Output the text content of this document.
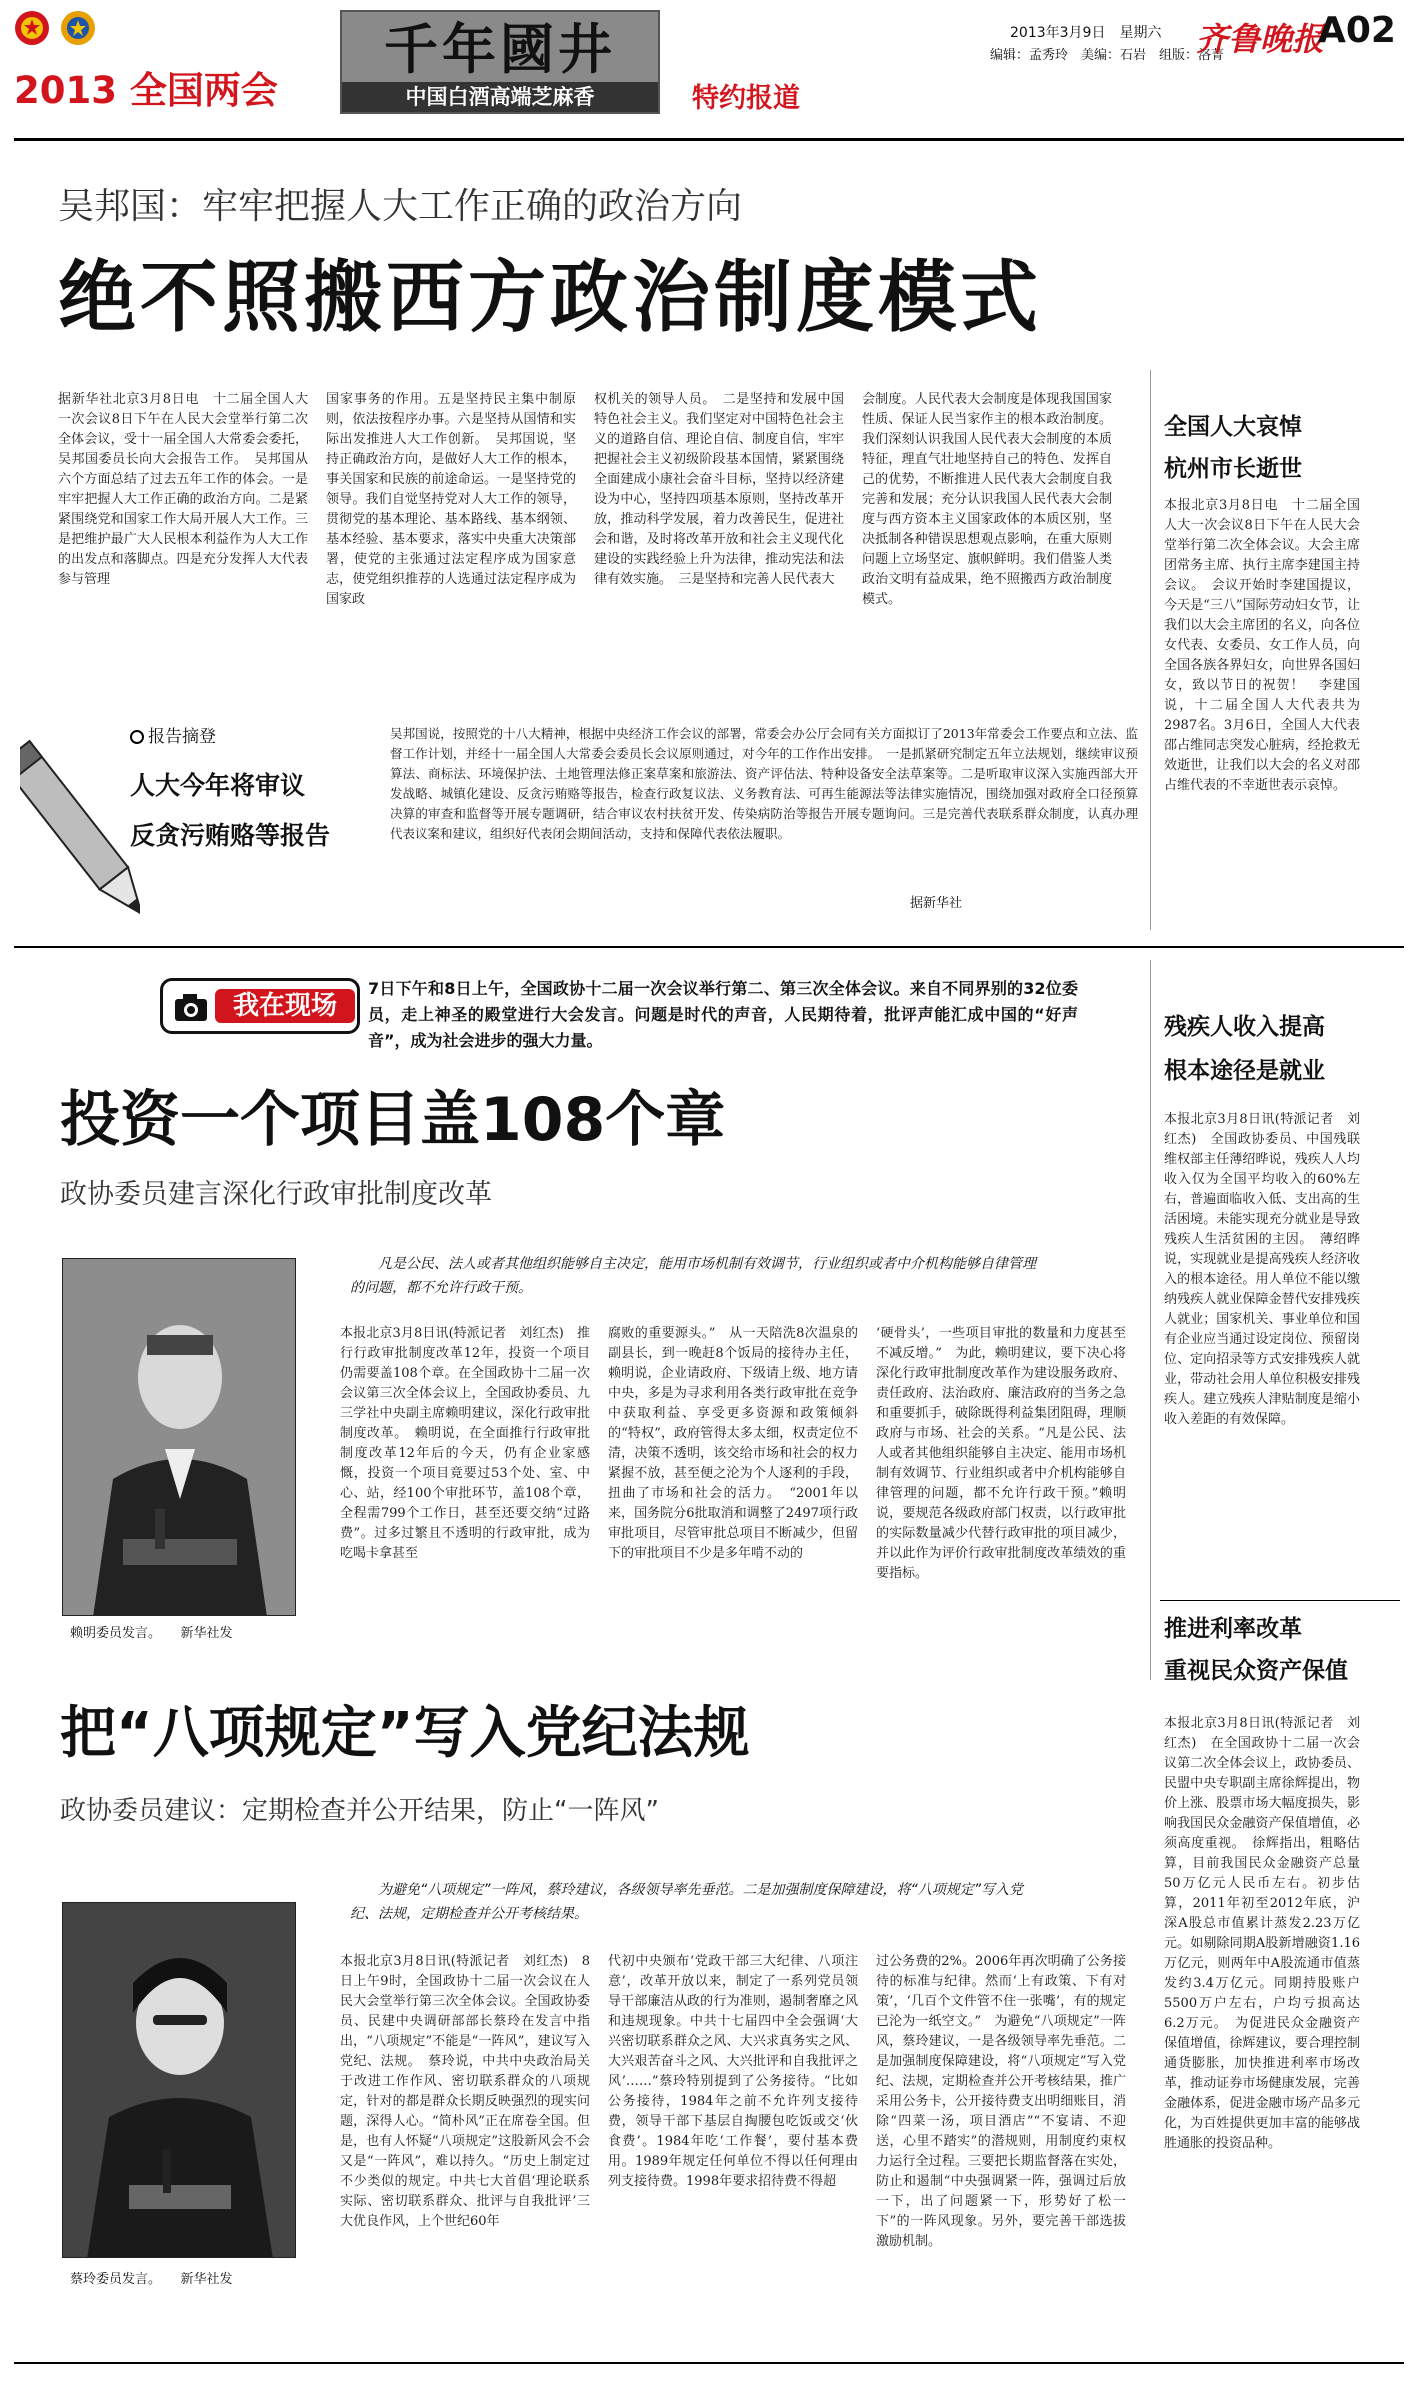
2013 全国两会
千年國井
中国白酒高端芝麻香	特约报道
2013年3月9日　星期六
编辑：孟秀玲　美编：石岩　组版：洛菁
齐鲁晚报
A02
吴邦国：牢牢把握人大工作正确的政治方向
绝不照搬西方政治制度模式
据新华社北京3月8日电　十二届全国人大一次会议8日下午在人民大会堂举行第二次全体会议，受十一届全国人大常委会委托，吴邦国委员长向大会报告工作。　吴邦国从六个方面总结了过去五年工作的体会。一是牢牢把握人大工作正确的政治方向。二是紧紧围绕党和国家工作大局开展人大工作。三是把维护最广大人民根本利益作为人大工作的出发点和落脚点。四是充分发挥人大代表参与管理
国家事务的作用。五是坚持民主集中制原则，依法按程序办事。六是坚持从国情和实际出发推进人大工作创新。　吴邦国说，坚持正确政治方向，是做好人大工作的根本，事关国家和民族的前途命运。一是坚持党的领导。我们自觉坚持党对人大工作的领导，贯彻党的基本理论、基本路线、基本纲领、基本经验、基本要求，落实中央重大决策部署，使党的主张通过法定程序成为国家意志，使党组织推荐的人选通过法定程序成为国家政
权机关的领导人员。　二是坚持和发展中国特色社会主义。我们坚定对中国特色社会主义的道路自信、理论自信、制度自信，牢牢把握社会主义初级阶段基本国情，紧紧围绕全面建成小康社会奋斗目标，坚持以经济建设为中心，坚持四项基本原则，坚持改革开放，推动科学发展，着力改善民生，促进社会和谐，及时将改革开放和社会主义现代化建设的实践经验上升为法律，推动宪法和法律有效实施。　三是坚持和完善人民代表大
会制度。人民代表大会制度是体现我国国家性质、保证人民当家作主的根本政治制度。我们深刻认识我国人民代表大会制度的本质特征，理直气壮地坚持自己的特色、发挥自己的优势，不断推进人民代表大会制度自我完善和发展；充分认识我国人民代表大会制度与西方资本主义国家政体的本质区别，坚决抵制各种错误思想观点影响，在重大原则问题上立场坚定、旗帜鲜明。我们借鉴人类政治文明有益成果，绝不照搬西方政治制度模式。
全国人大哀悼
杭州市长逝世
本报北京3月8日电　十二届全国人大一次会议8日下午在人民大会堂举行第二次全体会议。大会主席团常务主席、执行主席李建国主持会议。　会议开始时李建国提议，今天是“三八”国际劳动妇女节，让我们以大会主席团的名义，向各位女代表、女委员、女工作人员，向全国各族各界妇女，向世界各国妇女，致以节日的祝贺！　李建国说，十二届全国人大代表共为2987名。3月6日，全国人大代表邵占维同志突发心脏病，经抢救无效逝世，让我们以大会的名义对邵占维代表的不幸逝世表示哀悼。
报告摘登
人大今年将审议
反贪污贿赂等报告
吴邦国说，按照党的十八大精神，根据中央经济工作会议的部署，常委会办公厅会同有关方面拟订了2013年常委会工作要点和立法、监督工作计划，并经十一届全国人大常委会委员长会议原则通过，对今年的工作作出安排。　一是抓紧研究制定五年立法规划，继续审议预算法、商标法、环境保护法、土地管理法修正案草案和旅游法、资产评估法、特种设备安全法草案等。二是听取审议深入实施西部大开发战略、城镇化建设、反贪污贿赂等报告，检查行政复议法、义务教育法、可再生能源法等法律实施情况，围绕加强对政府全口径预算决算的审查和监督等开展专题调研，结合审议农村扶贫开发、传染病防治等报告开展专题询问。三是完善代表联系群众制度，认真办理代表议案和建议，组织好代表闭会期间活动，支持和保障代表依法履职。
据新华社
我在现场
7日下午和8日上午，全国政协十二届一次会议举行第二、第三次全体会议。来自不同界别的32位委员，走上神圣的殿堂进行大会发言。问题是时代的声音，人民期待着，批评声能汇成中国的“好声音”，成为社会进步的强大力量。
投资一个项目盖108个章
政协委员建言深化行政审批制度改革
凡是公民、法人或者其他组织能够自主决定，能用市场机制有效调节，行业组织或者中介机构能够自律管理的问题，都不允许行政干预。
赖明委员发言。　　新华社发
本报北京3月8日讯(特派记者　刘红杰)　推行行政审批制度改革12年，投资一个项目仍需要盖108个章。在全国政协十二届一次会议第三次全体会议上，全国政协委员、九三学社中央副主席赖明建议，深化行政审批制度改革。　赖明说，在全面推行行政审批制度改革12年后的今天，仍有企业家感慨，投资一个项目竟要过53个处、室、中心、站，经100个审批环节，盖108个章，全程需799个工作日，甚至还要交纳“过路费”。过多过繁且不透明的行政审批，成为吃喝卡拿甚至
腐败的重要源头。”　从一天陪洗8次温泉的副县长，到一晚赶8个饭局的接待办主任，赖明说，企业请政府、下级请上级、地方请中央，多是为寻求利用各类行政审批在竞争中获取利益、享受更多资源和政策倾斜的“特权”，政府管得太多太细，权责定位不清，决策不透明，该交给市场和社会的权力紧握不放，甚至便之沦为个人逐利的手段，扭曲了市场和社会的活力。　“2001年以来，国务院分6批取消和调整了2497项行政审批项目，尽管审批总项目不断减少，但留下的审批项目不少是多年啃不动的
‘硬骨头’，一些项目审批的数量和力度甚至不减反增。”　为此，赖明建议，要下决心将深化行政审批制度改革作为建设服务政府、责任政府、法治政府、廉洁政府的当务之急和重要抓手，破除既得利益集团阻碍，理顺政府与市场、社会的关系。“凡是公民、法人或者其他组织能够自主决定、能用市场机制有效调节、行业组织或者中介机构能够自律管理的问题，都不允许行政干预。”赖明说，要规范各级政府部门权责，以行政审批的实际数量减少代替行政审批的项目减少，并以此作为评价行政审批制度改革绩效的重要指标。
残疾人收入提高
根本途径是就业
本报北京3月8日讯(特派记者　刘红杰)　全国政协委员、中国残联维权部主任薄绍晔说，残疾人人均收入仅为全国平均收入的60%左右，普遍面临收入低、支出高的生活困境。未能实现充分就业是导致残疾人生活贫困的主因。　薄绍晔说，实现就业是提高残疾人经济收入的根本途径。用人单位不能以缴纳残疾人就业保障金替代安排残疾人就业；国家机关、事业单位和国有企业应当通过设定岗位、预留岗位、定向招录等方式安排残疾人就业，带动社会用人单位积极安排残疾人。建立残疾人津贴制度是缩小收入差距的有效保障。
推进利率改革
重视民众资产保值
本报北京3月8日讯(特派记者　刘红杰)　在全国政协十二届一次会议第二次全体会议上，政协委员、民盟中央专职副主席徐辉提出，物价上涨、股票市场大幅度损失，影响我国民众金融资产保值增值，必须高度重视。　徐辉指出，粗略估算，目前我国民众金融资产总量50万亿元人民币左右。初步估算，2011年初至2012年底，沪深A股总市值累计蒸发2.23万亿元。如剔除同期A股新增融资1.16万亿元，则两年中A股流通市值蒸发约3.4万亿元。同期持股账户5500万户左右，户均亏损高达6.2万元。　为促进民众金融资产保值增值，徐辉建议，要合理控制通货膨胀，加快推进利率市场改革，推动证券市场健康发展，完善金融体系，促进金融市场产品多元化，为百姓提供更加丰富的能够战胜通胀的投资品种。
把“八项规定”写入党纪法规
政协委员建议：定期检查并公开结果，防止“一阵风”
为避免“八项规定”一阵风，蔡玲建议，各级领导率先垂范。二是加强制度保障建设，将“八项规定”写入党纪、法规，定期检查并公开考核结果。
蔡玲委员发言。　　新华社发
本报北京3月8日讯(特派记者　刘红杰)　8日上午9时，全国政协十二届一次会议在人民大会堂举行第三次全体会议。全国政协委员、民建中央调研部部长蔡玲在发言中指出，“八项规定”不能是“一阵风”，建议写入党纪、法规。　蔡玲说，中共中央政治局关于改进工作作风、密切联系群众的八项规定，针对的都是群众长期反映强烈的现实问题，深得人心。“简朴风”正在席卷全国。但是，也有人怀疑“八项规定”这股新风会不会又是“一阵风”，难以持久。“历史上制定过不少类似的规定。中共七大首倡‘理论联系实际、密切联系群众、批评与自我批评’三大优良作风，上个世纪60年
代初中央颁布‘党政干部三大纪律、八项注意’，改革开放以来，制定了一系列党员领导干部廉洁从政的行为准则，遏制奢靡之风和违规现象。中共十七届四中全会强调‘大兴密切联系群众之风、大兴求真务实之风、大兴艰苦奋斗之风、大兴批评和自我批评之风’……”蔡玲特别提到了公务接待。“比如公务接待，1984年之前不允许列支接待费，领导干部下基层自掏腰包吃饭或交‘伙食费’。1984年吃‘工作餐’，要付基本费用。1989年规定任何单位不得以任何理由列支接待费。1998年要求招待费不得超
过公务费的2%。2006年再次明确了公务接待的标准与纪律。然而‘上有政策、下有对策’，‘几百个文件管不住一张嘴’，有的规定已沦为一纸空文。”　为避免“八项规定”一阵风，蔡玲建议，一是各级领导率先垂范。二是加强制度保障建设，将“八项规定”写入党纪、法规，定期检查并公开考核结果，推广采用公务卡，公开接待费支出明细账目，消除“四菜一汤，项目酒店”“不宴请、不迎送，心里不踏实”的潜规则，用制度约束权力运行全过程。三要把长期监督落在实处，防止和遏制“中央强调紧一阵，强调过后放一下，出了问题紧一下，形势好了松一下”的一阵风现象。另外，要完善干部选拔激励机制。
